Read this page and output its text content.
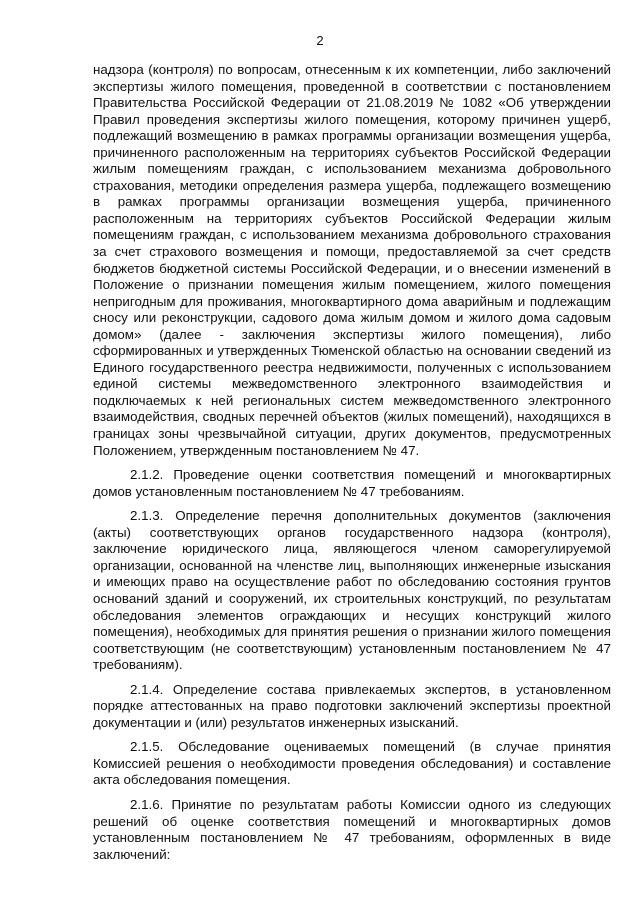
2

надзора (контроля) по вопросам, отнесенным к их компетенции, либо заключений экспертизы жилого помещения, проведенной в соответствии с постановлением Правительства Российской Федерации от 21.08.2019 № 1082 «Об утверждении Правил проведения экспертизы жилого помещения, которому причинен ущерб, подлежащий возмещению в рамках программы организации возмещения ущерба, причиненного расположенным на территориях субъектов Российской Федерации жилым помещениям граждан, с использованием механизма добровольного страхования, методики определения размера ущерба, подлежащего возмещению в рамках программы организации возмещения ущерба, причиненного расположенным на территориях субъектов Российской Федерации жилым помещениям граждан, с использованием механизма добровольного страхования за счет страхового возмещения и помощи, предоставляемой за счет средств бюджетов бюджетной системы Российской Федерации, и о внесении изменений в Положение о признании помещения жилым помещением, жилого помещения непригодным для проживания, многоквартирного дома аварийным и подлежащим сносу или реконструкции, садового дома жилым домом и жилого дома садовым домом» (далее - заключения экспертизы жилого помещения), либо сформированных и утвержденных Тюменской областью на основании сведений из Единого государственного реестра недвижимости, полученных с использованием единой системы межведомственного электронного взаимодействия и подключаемых к ней региональных систем межведомственного электронного взаимодействия, сводных перечней объектов (жилых помещений), находящихся в границах зоны чрезвычайной ситуации, других документов, предусмотренных Положением, утвержденным постановлением № 47.

2.1.2. Проведение оценки соответствия помещений и многоквартирных домов установленным постановлением № 47 требованиям.

2.1.3. Определение перечня дополнительных документов (заключения (акты) соответствующих органов государственного надзора (контроля), заключение юридического лица, являющегося членом саморегулируемой организации, основанной на членстве лиц, выполняющих инженерные изыскания и имеющих право на осуществление работ по обследованию состояния грунтов оснований зданий и сооружений, их строительных конструкций, по результатам обследования элементов ограждающих и несущих конструкций жилого помещения), необходимых для принятия решения о признании жилого помещения соответствующим (не соответствующим) установленным постановлением № 47 требованиям).

2.1.4. Определение состава привлекаемых экспертов, в установленном порядке аттестованных на право подготовки заключений экспертизы проектной документации и (или) результатов инженерных изысканий.

2.1.5. Обследование оцениваемых помещений (в случае принятия Комиссией решения о необходимости проведения обследования) и составление акта обследования помещения.

2.1.6. Принятие по результатам работы Комиссии одного из следующих решений об оценке соответствия помещений и многоквартирных домов установленным постановлением № 47 требованиям, оформленных в виде заключений:
